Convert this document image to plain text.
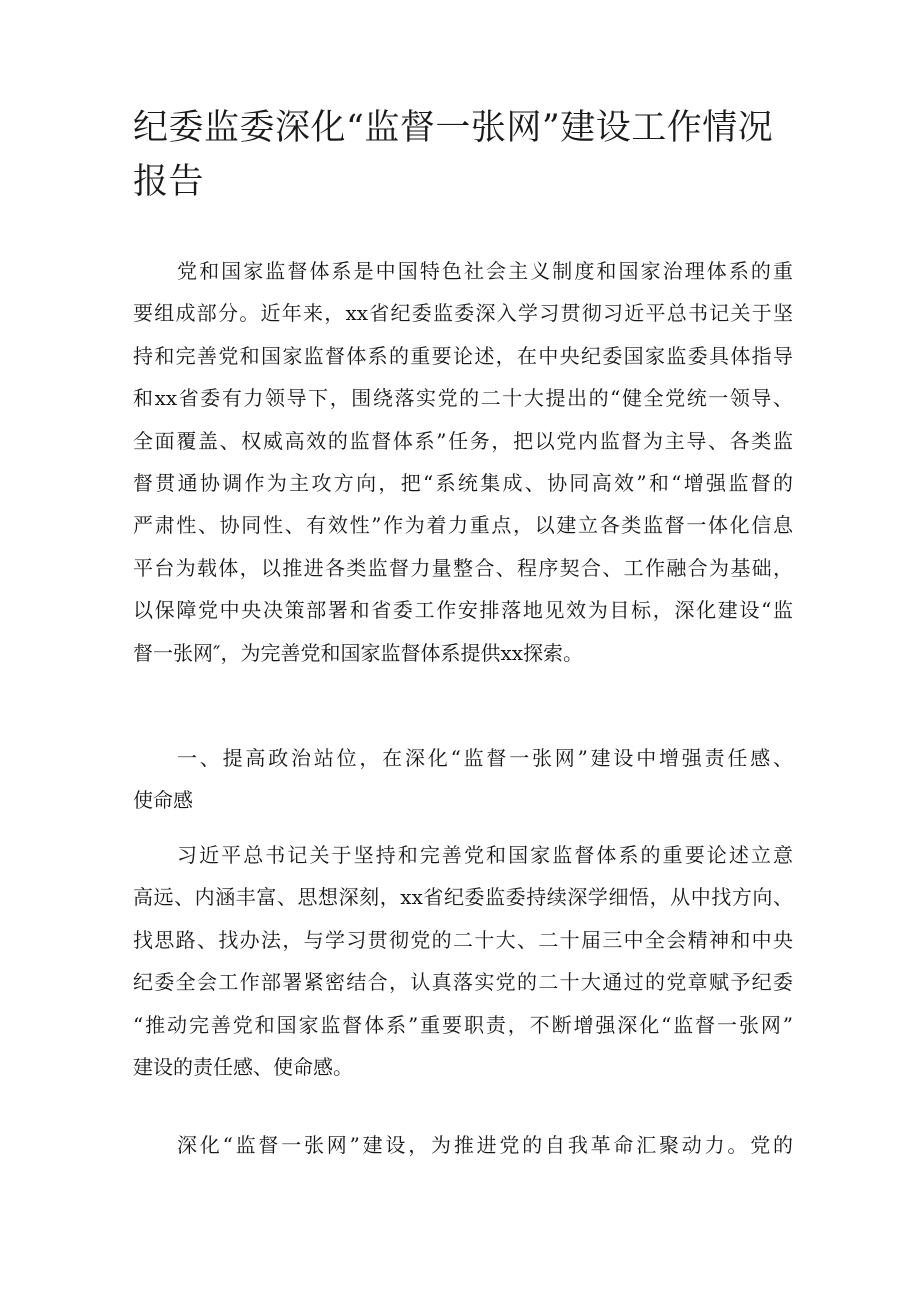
纪委监委深化“监督一张网”建设工作情况
报告
党和国家监督体系是中国特色社会主义制度和国家治理体系的重
要组成部分。近年来，xx省纪委监委深入学习贯彻习近平总书记关于坚
持和完善党和国家监督体系的重要论述，在中央纪委国家监委具体指导
和xx省委有力领导下，围绕落实党的二十大提出的“健全党统一领导、
全面覆盖、权威高效的监督体系”任务，把以党内监督为主导、各类监
督贯通协调作为主攻方向，把“系统集成、协同高效”和“增强监督的
严肃性、协同性、有效性”作为着力重点，以建立各类监督一体化信息
平台为载体，以推进各类监督力量整合、程序契合、工作融合为基础，
以保障党中央决策部署和省委工作安排落地见效为目标，深化建设“监
督一张网″，为完善党和国家监督体系提供xx探索。
一、提高政治站位，在深化“监督一张网”建设中增强责任感、
使命感
习近平总书记关于坚持和完善党和国家监督体系的重要论述立意
高远、内涵丰富、思想深刻，xx省纪委监委持续深学细悟，从中找方向、
找思路、找办法，与学习贯彻党的二十大、二十届三中全会精神和中央
纪委全会工作部署紧密结合，认真落实党的二十大通过的党章赋予纪委
“推动完善党和国家监督体系”重要职责，不断增强深化“监督一张网”
建设的责任感、使命感。
深化“监督一张网”建设，为推进党的自我革命汇聚动力。党的
